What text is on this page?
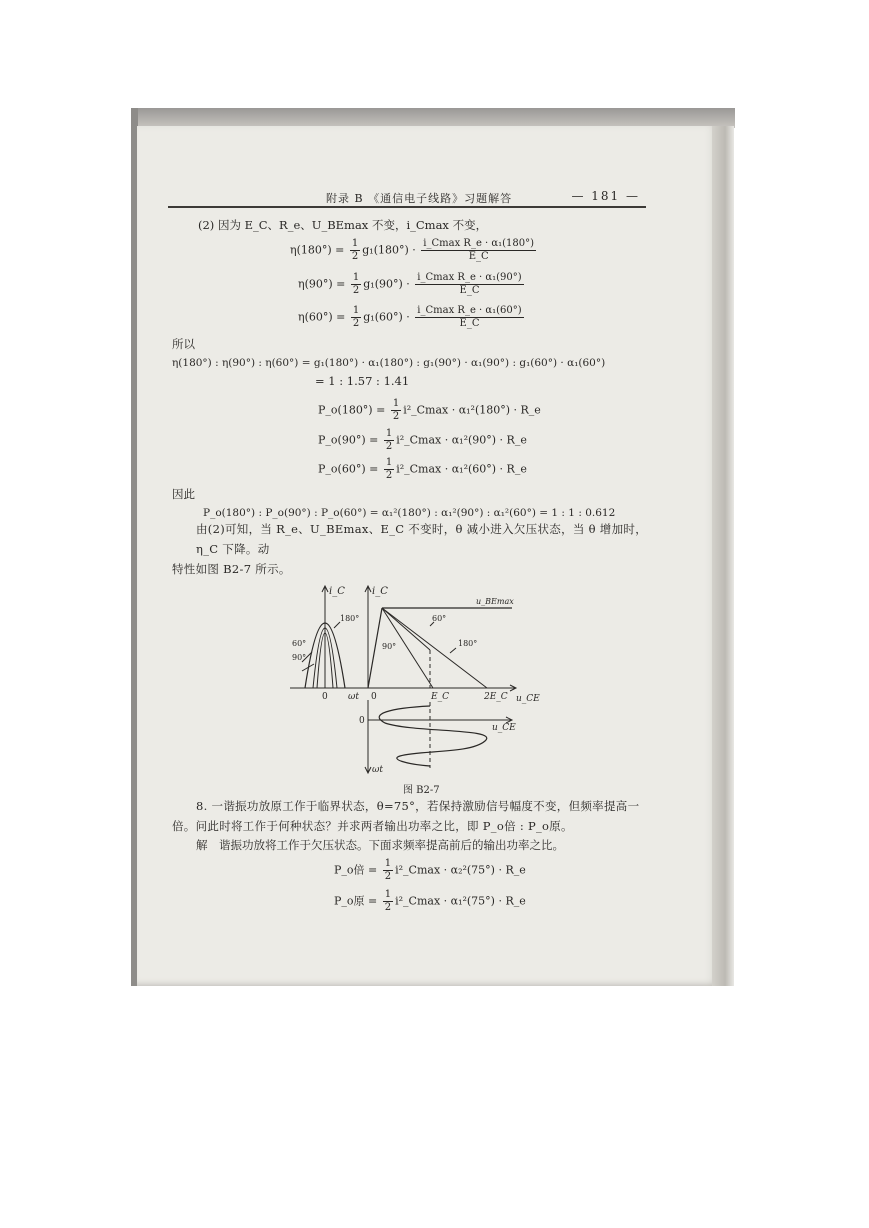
附录 B 《通信电子线路》习题解答	— 181 —
(2) 因为 E_C、R_e、U_BEmax 不变，i_Cmax 不变，
$\eta(180^\circ) = \frac{1}{2} g_1(180^\circ) \cdot \frac{\text{i\_Cmax R\_e · α₁(180°)}}{E\_C}$
$\eta(90^\circ) = \frac{1}{2} g_1(90^\circ) \cdot \frac{\text{i\_Cmax R\_e · α₁(90°)}}{E\_C}$
$\eta(60^\circ) = \frac{1}{2} g_1(60^\circ) \cdot \frac{\text{i\_Cmax R\_e · α₁(60°)}}{E\_C}$
所以
η(180°) : η(90°) : η(60°) = g₁(180°) · α₁(180°) : g₁(90°) · α₁(90°) : g₁(60°) · α₁(60°)
= 1 : 1.57 : 1.41
P_o(180°) = $\frac{1}{2}$ i²_Cmax · α₁²(180°) · R_e
P_o(90°) = $\frac{1}{2}$ i²_Cmax · α₁²(90°) · R_e
P_o(60°) = $\frac{1}{2}$ i²_Cmax · α₁²(60°) · R_e
因此
P_o(180°) : P_o(90°) : P_o(60°) = α₁²(180°) : α₁²(90°) : α₁²(60°) = 1 : 1 : 0.612
由(2)可知，当 R_e、U_BEmax、E_C 不变时，θ 减小进入欠压状态，当 θ 增加时，η_C 下降。动
特性如图 B2-7 所示。
i_C
180°
60°
90°
0 ωt
i_C
u_BEmax
60°
90°	180°
0	E_C	2E_C u_CE
0
u_CE
ωt
图 B2-7
8. 一谐振功放原工作于临界状态，θ=75°，若保持激励信号幅度不变，但频率提高一
倍。问此时将工作于何种状态？并求两者输出功率之比，即 P_o倍 : P_o原。
解　谐振功放将工作于欠压状态。下面求频率提高前后的输出功率之比。
P_o倍 = $\frac{1}{2}$ i²_Cmax · α₂²(75°) · R_e
P_o原 = $\frac{1}{2}$ i²_Cmax · α₁²(75°) · R_e
